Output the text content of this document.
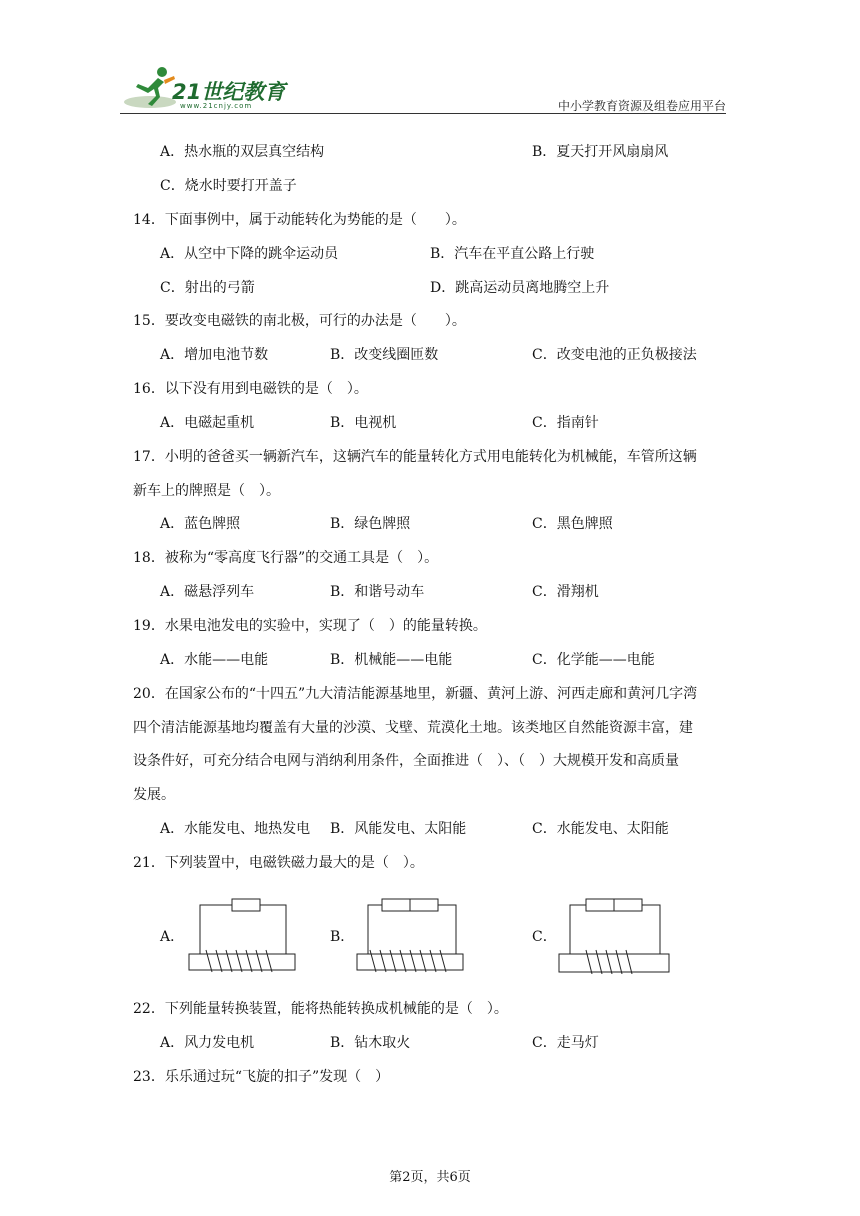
21世纪教育
www.21cnjy.com	中小学教育资源及组卷应用平台
A．热水瓶的双层真空结构	B．夏天打开风扇扇风
C．烧水时要打开盖子
14．下面事例中，属于动能转化为势能的是（　　）。
A．从空中下降的跳伞运动员	B．汽车在平直公路上行驶
C．射出的弓箭	D．跳高运动员离地腾空上升
15．要改变电磁铁的南北极，可行的办法是（　　）。
A．增加电池节数	B．改变线圈匝数	C．改变电池的正负极接法
16．以下没有用到电磁铁的是（　）。
A．电磁起重机	B．电视机	C．指南针
17．小明的爸爸买一辆新汽车，这辆汽车的能量转化方式用电能转化为机械能，车管所这辆
新车上的牌照是（　）。
A．蓝色牌照	B．绿色牌照	C．黑色牌照
18．被称为“零高度飞行器”的交通工具是（　）。
A．磁悬浮列车	B．和谐号动车	C．滑翔机
19．水果电池发电的实验中，实现了（　）的能量转换。
A．水能——电能	B．机械能——电能	C．化学能——电能
20．在国家公布的“十四五”九大清洁能源基地里，新疆、黄河上游、河西走廊和黄河几字湾
四个清洁能源基地均覆盖有大量的沙漠、戈壁、荒漠化土地。该类地区自然能资源丰富，建
设条件好，可充分结合电网与消纳利用条件，全面推进（　）、（　）大规模开发和高质量
发展。
A．水能发电、地热发电 B．风能发电、太阳能	C．水能发电、太阳能
21．下列装置中，电磁铁磁力最大的是（　）。
A．	B．	C．
22．下列能量转换装置，能将热能转换成机械能的是（　）。
A．风力发电机	B．钻木取火	C．走马灯
23．乐乐通过玩“飞旋的扣子”发现（　）
第2页，共6页
